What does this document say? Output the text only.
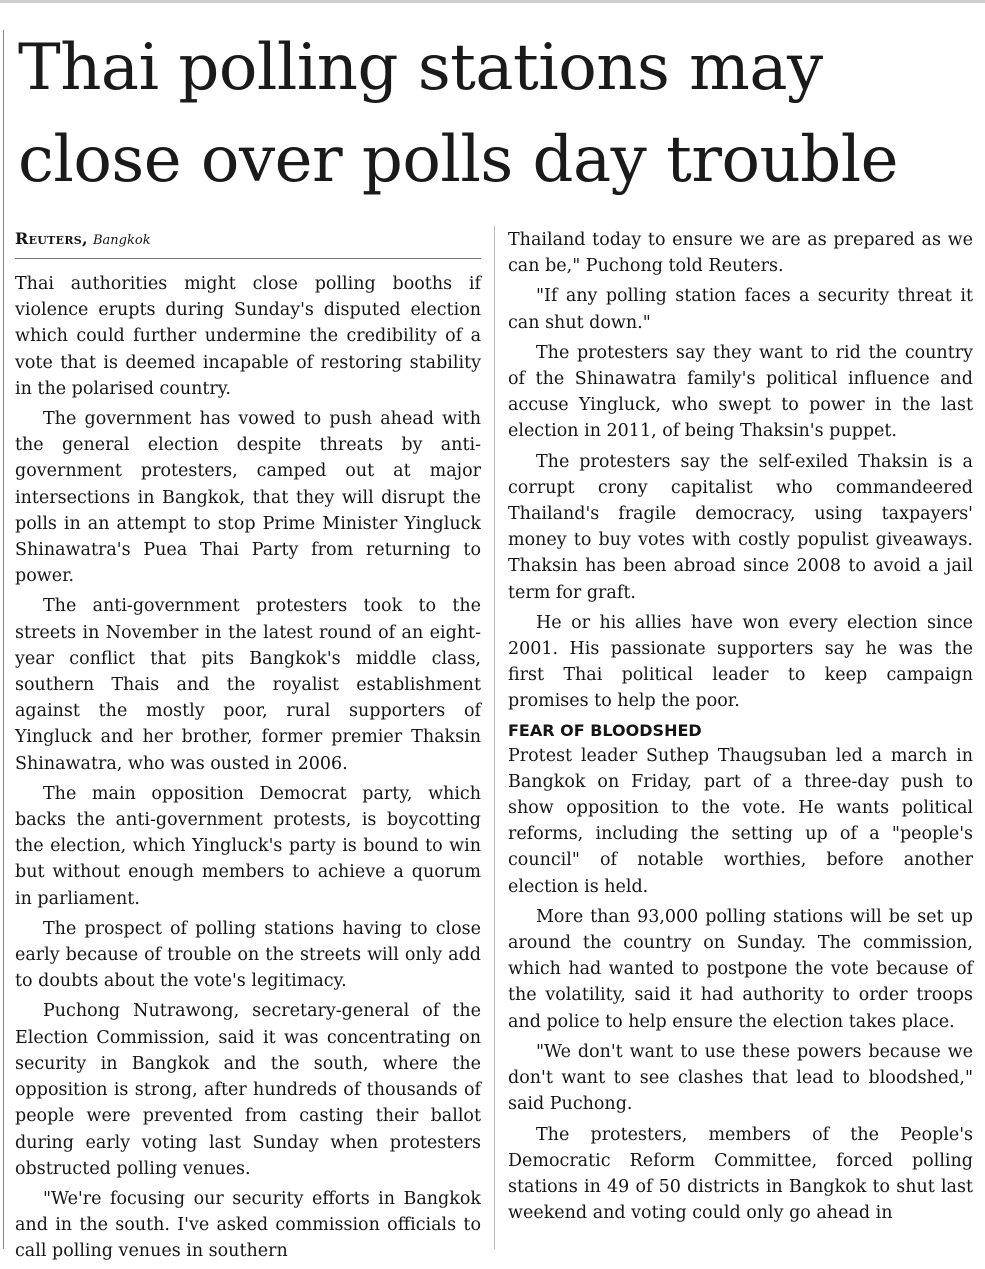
Thai polling stations may close over polls day trouble
Reuters, Bangkok

Thai authorities might close polling booths if violence erupts during Sunday's disputed election which could further undermine the credibility of a vote that is deemed incapable of restoring stability in the polarised country.

The government has vowed to push ahead with the general election despite threats by anti-government protesters, camped out at major intersections in Bangkok, that they will disrupt the polls in an attempt to stop Prime Minister Yingluck Shinawatra's Puea Thai Party from returning to power.

The anti-government protesters took to the streets in November in the latest round of an eight-year conflict that pits Bangkok's middle class, southern Thais and the royalist establishment against the mostly poor, rural supporters of Yingluck and her brother, former premier Thaksin Shinawatra, who was ousted in 2006.

The main opposition Democrat party, which backs the anti-government protests, is boycotting the election, which Yingluck's party is bound to win but without enough members to achieve a quorum in parliament.

The prospect of polling stations having to close early because of trouble on the streets will only add to doubts about the vote's legitimacy.

Puchong Nutrawong, secretary-general of the Election Commission, said it was concentrating on security in Bangkok and the south, where the opposition is strong, after hundreds of thousands of people were prevented from casting their ballot during early voting last Sunday when protesters obstructed polling venues.

"We're focusing our security efforts in Bangkok and in the south. I've asked commission officials to call polling venues in southern

Thailand today to ensure we are as prepared as we can be," Puchong told Reuters.

"If any polling station faces a security threat it can shut down."

The protesters say they want to rid the country of the Shinawatra family's political influence and accuse Yingluck, who swept to power in the last election in 2011, of being Thaksin's puppet.

The protesters say the self-exiled Thaksin is a corrupt crony capitalist who commandeered Thailand's fragile democracy, using taxpayers' money to buy votes with costly populist giveaways. Thaksin has been abroad since 2008 to avoid a jail term for graft.

He or his allies have won every election since 2001. His passionate supporters say he was the first Thai political leader to keep campaign promises to help the poor.

FEAR OF BLOODSHED

Protest leader Suthep Thaugsuban led a march in Bangkok on Friday, part of a three-day push to show opposition to the vote. He wants political reforms, including the setting up of a "people's council" of notable worthies, before another election is held.

More than 93,000 polling stations will be set up around the country on Sunday. The commission, which had wanted to postpone the vote because of the volatility, said it had authority to order troops and police to help ensure the election takes place.

"We don't want to use these powers because we don't want to see clashes that lead to bloodshed," said Puchong.

The protesters, members of the People's Democratic Reform Committee, forced polling stations in 49 of 50 districts in Bangkok to shut last weekend and voting could only go ahead in
